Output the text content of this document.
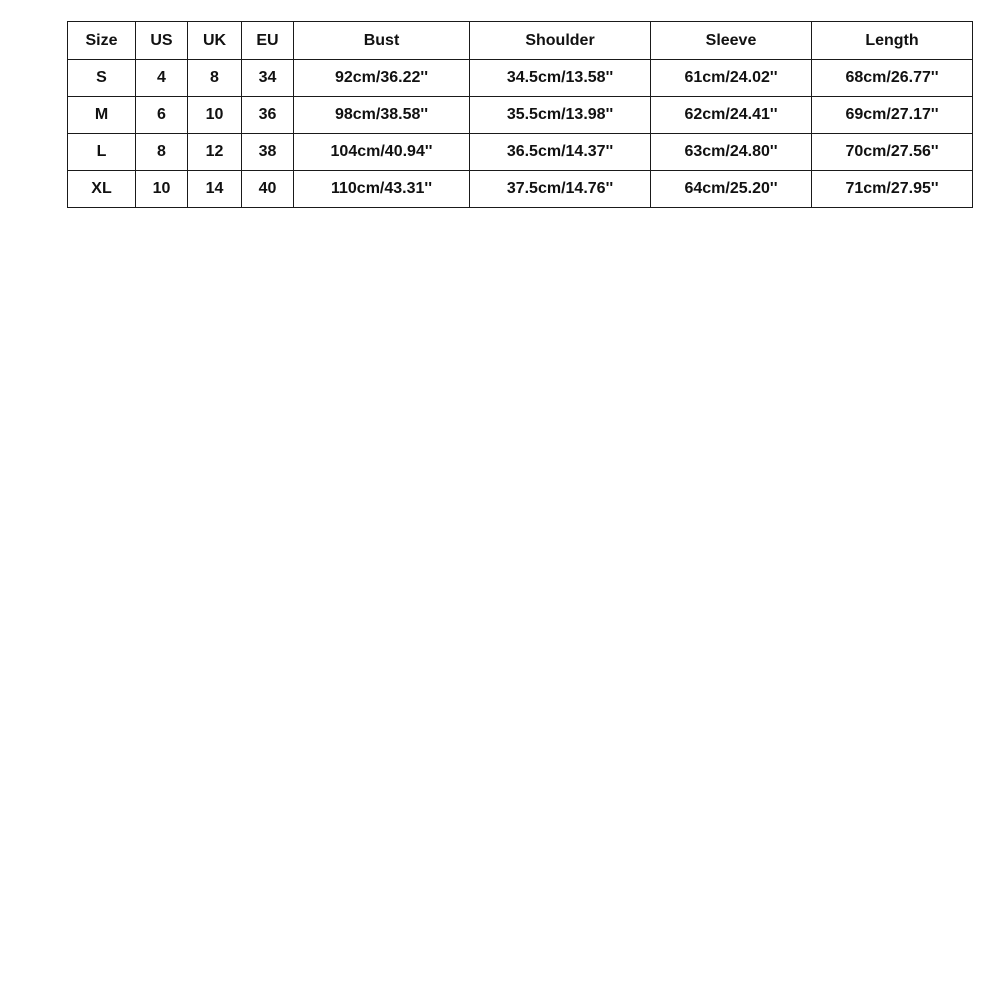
Size	US	UK	EU	Bust	Shoulder	Sleeve	Length
S	4	8	34	92cm/36.22''	34.5cm/13.58''	61cm/24.02''	68cm/26.77''
M	6	10	36	98cm/38.58''	35.5cm/13.98''	62cm/24.41''	69cm/27.17''
L	8	12	38	104cm/40.94''	36.5cm/14.37''	63cm/24.80''	70cm/27.56''
XL	10	14	40	110cm/43.31''	37.5cm/14.76''	64cm/25.20''	71cm/27.95''
